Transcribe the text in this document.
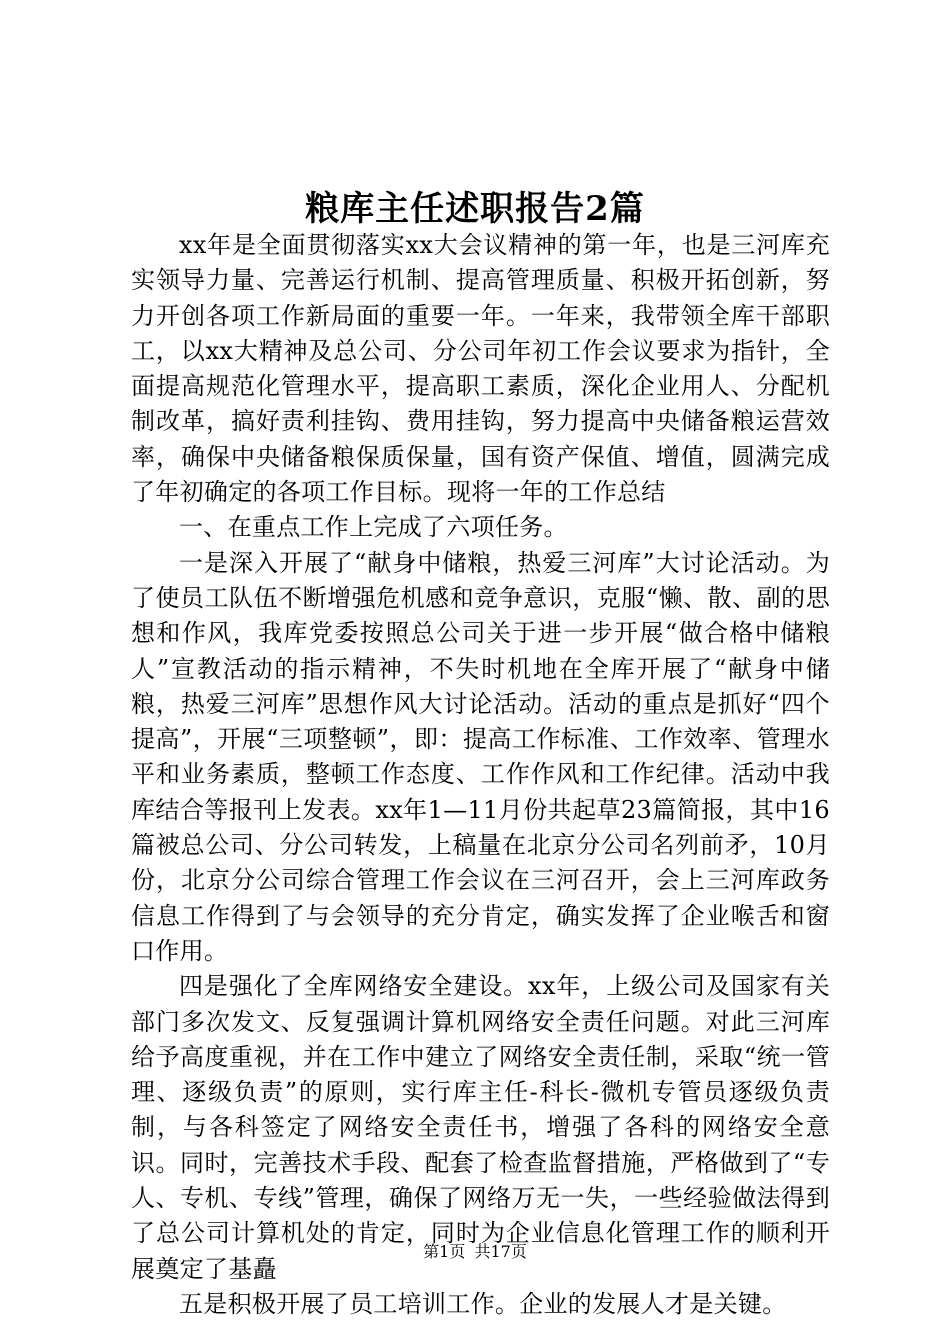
粮库主任述职报告2篇

xx年是全面贯彻落实xx大会议精神的第一年，也是三河库充实领导力量、完善运行机制、提高管理质量、积极开拓创新，努力开创各项工作新局面的重要一年。一年来，我带领全库干部职工，以xx大精神及总公司、分公司年初工作会议要求为指针，全面提高规范化管理水平，提高职工素质，深化企业用人、分配机制改革，搞好责利挂钩、费用挂钩，努力提高中央储备粮运营效率，确保中央储备粮保质保量，国有资产保值、增值，圆满完成了年初确定的各项工作目标。现将一年的工作总结

一、在重点工作上完成了六项任务。

一是深入开展了“献身中储粮，热爱三河库”大讨论活动。为了使员工队伍不断增强危机感和竞争意识，克服“懒、散、副的思想和作风，我库党委按照总公司关于进一步开展“做合格中储粮人”宣教活动的指示精神，不失时机地在全库开展了“献身中储粮，热爱三河库”思想作风大讨论活动。活动的重点是抓好“四个提高”，开展“三项整顿”，即：提高工作标准、工作效率、管理水平和业务素质，整顿工作态度、工作作风和工作纪律。活动中我库结合等报刊上发表。xx年1—11月份共起草23篇简报，其中16篇被总公司、分公司转发，上稿量在北京分公司名列前矛，10月份，北京分公司综合管理工作会议在三河召开，会上三河库政务信息工作得到了与会领导的充分肯定，确实发挥了企业喉舌和窗口作用。

四是强化了全库网络安全建设。xx年，上级公司及国家有关部门多次发文、反复强调计算机网络安全责任问题。对此三河库给予高度重视，并在工作中建立了网络安全责任制，采取“统一管理、逐级负责”的原则，实行库主任-科长-微机专管员逐级负责制，与各科签定了网络安全责任书，增强了各科的网络安全意识。同时，完善技术手段、配套了检查监督措施，严格做到了“专人、专机、专线”管理，确保了网络万无一失，一些经验做法得到了总公司计算机处的肯定，同时为企业信息化管理工作的顺利开展奠定了基矗

五是积极开展了员工培训工作。企业的发展人才是关键。

第1页 共17页
